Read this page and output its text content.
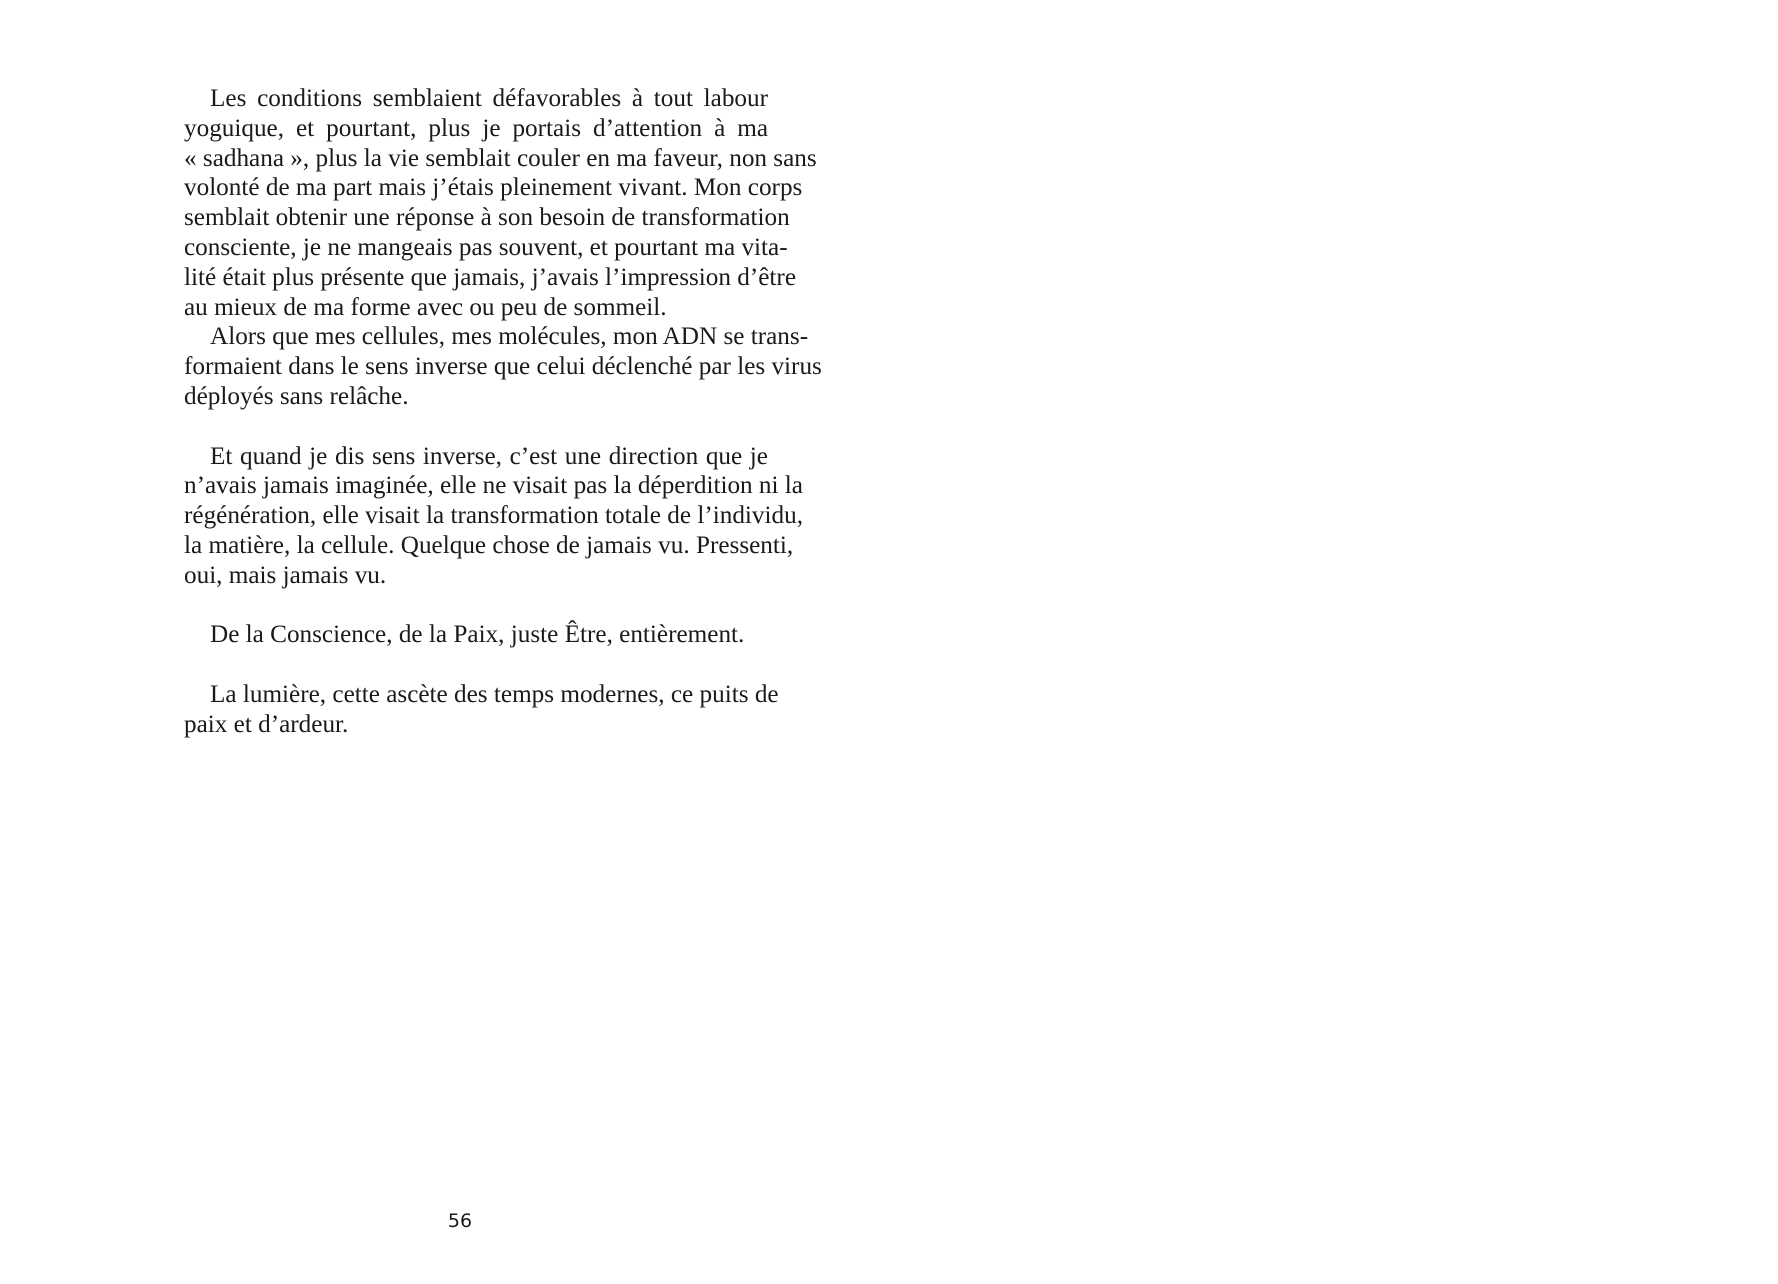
Les conditions semblaient défavorables à tout labour
yoguique, et pourtant, plus je portais d’attention à ma
« sadhana », plus la vie semblait couler en ma faveur, non sans
volonté de ma part mais j’étais pleinement vivant. Mon corps
semblait obtenir une réponse à son besoin de transformation
consciente, je ne mangeais pas souvent, et pourtant ma vita-
lité était plus présente que jamais, j’avais l’impression d’être
au mieux de ma forme avec ou peu de sommeil.
Alors que mes cellules, mes molécules, mon ADN se trans-
formaient dans le sens inverse que celui déclenché par les virus
déployés sans relâche.
Et quand je dis sens inverse, c’est une direction que je
n’avais jamais imaginée, elle ne visait pas la déperdition ni la
régénération, elle visait la transformation totale de l’individu,
la matière, la cellule. Quelque chose de jamais vu. Pressenti,
oui, mais jamais vu.
De la Conscience, de la Paix, juste Être, entièrement.
La lumière, cette ascète des temps modernes, ce puits de
paix et d’ardeur.
56
